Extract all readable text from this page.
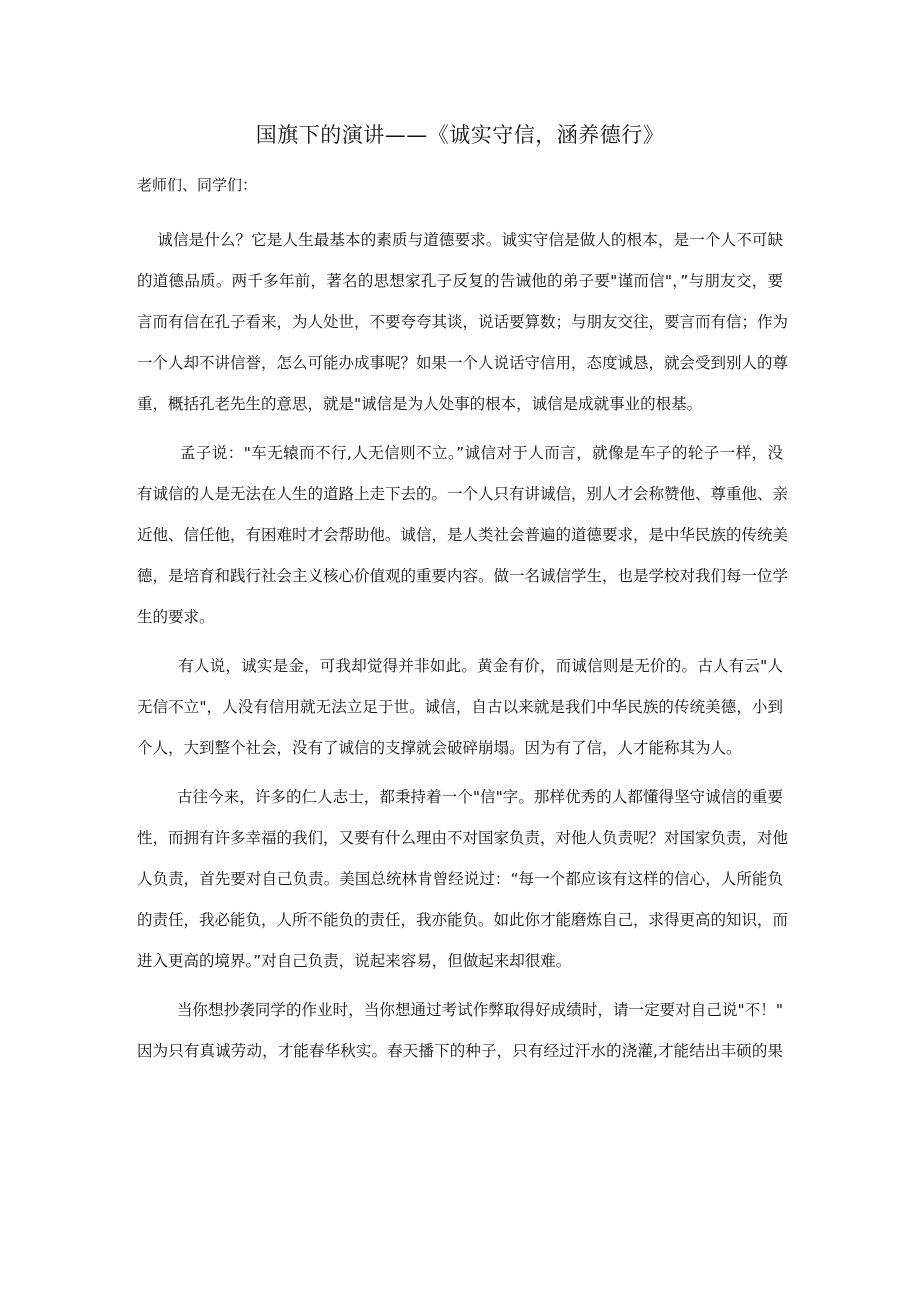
国旗下的演讲——《诚实守信，涵养德行》

老师们、同学们：

诚信是什么？它是人生最基本的素质与道德要求。诚实守信是做人的根本，是一个人不可缺
的道德品质。两千多年前，著名的思想家孔子反复的告诫他的弟子要"谨而信"，”与朋友交，要
言而有信在孔子看来，为人处世，不要夸夸其谈，说话要算数；与朋友交往，要言而有信；作为
一个人却不讲信誉，怎么可能办成事呢？如果一个人说话守信用，态度诚恳，就会受到别人的尊
重，概括孔老先生的意思，就是"诚信是为人处事的根本，诚信是成就事业的根基。
孟子说："车无辕而不行,人无信则不立。”诚信对于人而言，就像是车子的轮子一样，没
有诚信的人是无法在人生的道路上走下去的。一个人只有讲诚信，别人才会称赞他、尊重他、亲
近他、信任他，有困难时才会帮助他。诚信，是人类社会普遍的道德要求，是中华民族的传统美
德，是培育和践行社会主义核心价值观的重要内容。做一名诚信学生，也是学校对我们每一位学
生的要求。
有人说，诚实是金，可我却觉得并非如此。黄金有价，而诚信则是无价的。古人有云"人
无信不立"，人没有信用就无法立足于世。诚信，自古以来就是我们中华民族的传统美德，小到
个人，大到整个社会，没有了诚信的支撑就会破碎崩塌。因为有了信，人才能称其为人。
古往今来，许多的仁人志士，都秉持着一个"信"字。那样优秀的人都懂得坚守诚信的重要
性，而拥有许多幸福的我们，又要有什么理由不对国家负责，对他人负责呢？对国家负责，对他
人负责，首先要对自己负责。美国总统林肯曾经说过：“每一个都应该有这样的信心，人所能负
的责任，我必能负，人所不能负的责任，我亦能负。如此你才能磨炼自己，求得更高的知识，而
进入更高的境界。”对自己负责，说起来容易，但做起来却很难。
当你想抄袭同学的作业时，当你想通过考试作弊取得好成绩时，请一定要对自己说"不！"
因为只有真诚劳动，才能春华秋实。春天播下的种子，只有经过汗水的浇灌,才能结出丰硕的果
